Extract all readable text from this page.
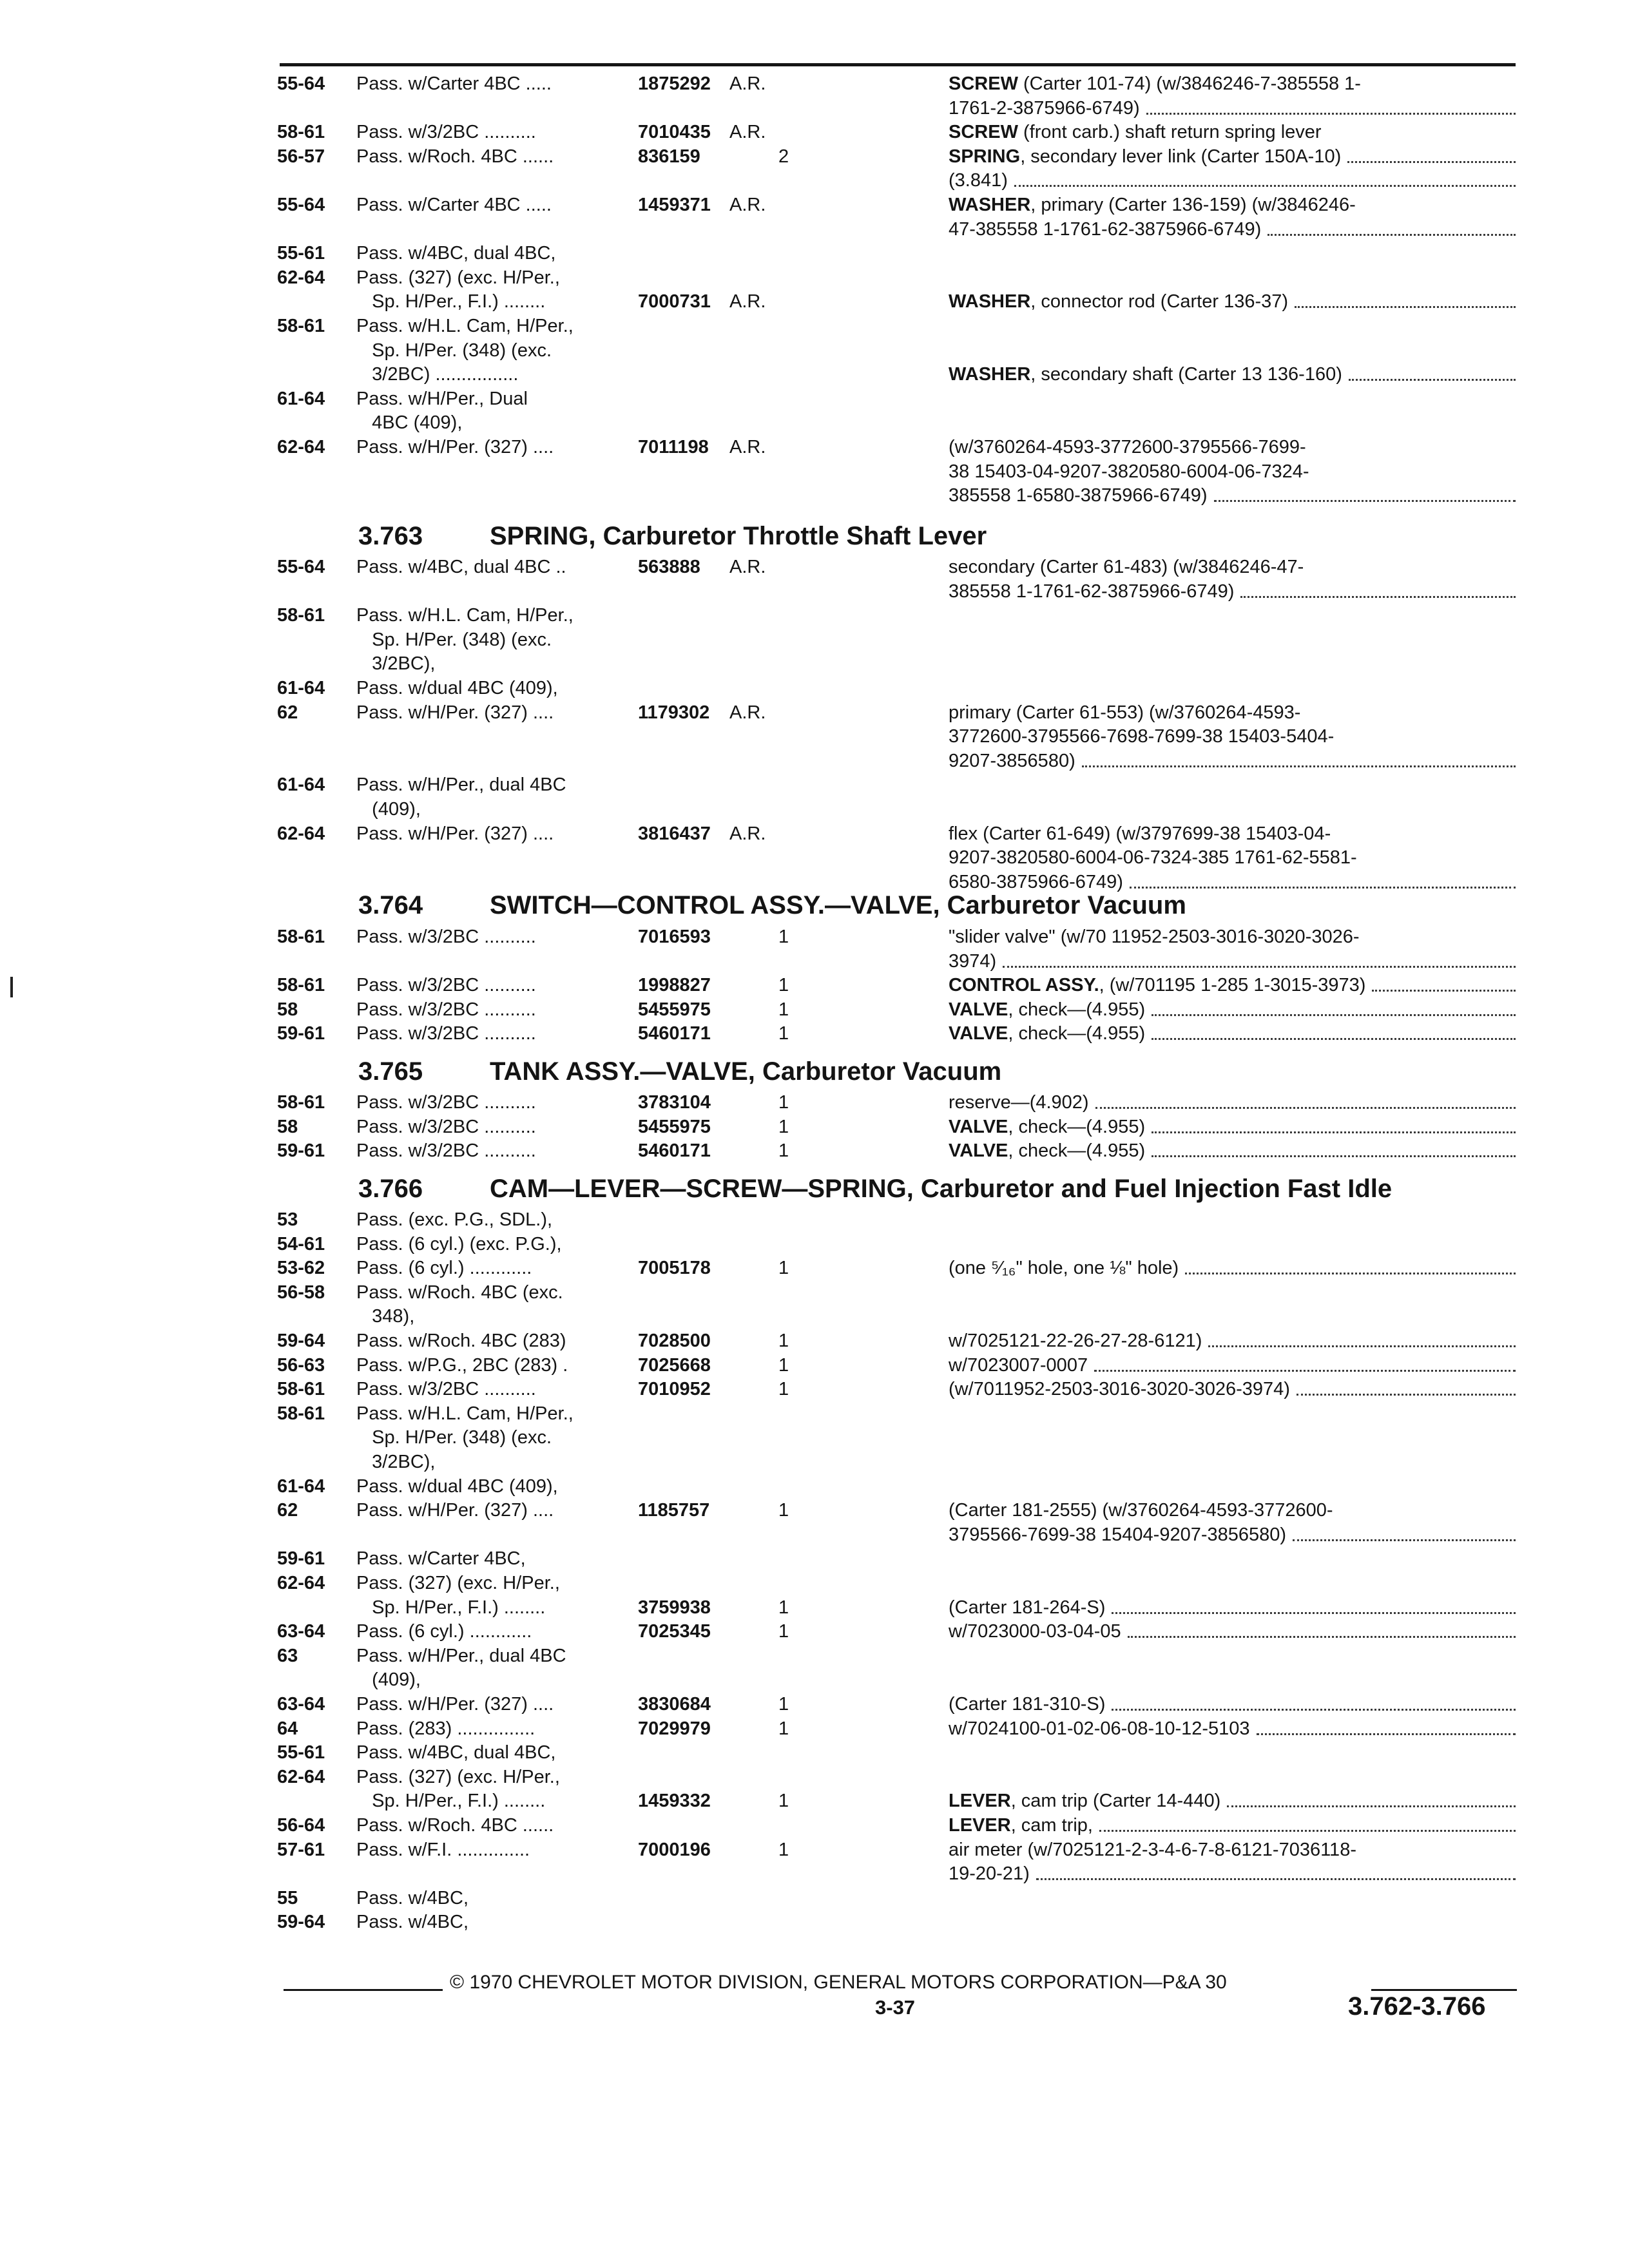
55-64 Pass. w/Carter 4BC .....	1875292 A.R.	SCREW (Carter 101-74) (w/3846246-7-385558 1-
1761-2-3875966-6749)
58-61 Pass. w/3/2BC ..........	7010435 A.R.	SCREW (front carb.) shaft return spring lever
56-57 Pass. w/Roch. 4BC ......	836159	2	SPRING, secondary lever link (Carter 150A-10)
(3.841)
55-64 Pass. w/Carter 4BC .....	1459371 A.R.	WASHER, primary (Carter 136-159) (w/3846246-
47-385558 1-1761-62-3875966-6749)
55-61 Pass. w/4BC, dual 4BC,
62-64 Pass. (327) (exc. H/Per.,
Sp. H/Per., F.I.) ........	7000731 A.R.	WASHER, connector rod (Carter 136-37)
58-61 Pass. w/H.L. Cam, H/Per.,
Sp. H/Per. (348) (exc.
3/2BC) ................	WASHER, secondary shaft (Carter 13 136-160)
61-64 Pass. w/H/Per., Dual
4BC (409),
62-64 Pass. w/H/Per. (327) ....	7011198 A.R.	(w/3760264-4593-3772600-3795566-7699-
38 15403-04-9207-3820580-6004-06-7324-
385558 1-6580-3875966-6749)
3.763	SPRING, Carburetor Throttle Shaft Lever
55-64 Pass. w/4BC, dual 4BC ..	563888 A.R.	secondary (Carter 61-483) (w/3846246-47-
385558 1-1761-62-3875966-6749)
58-61 Pass. w/H.L. Cam, H/Per.,
Sp. H/Per. (348) (exc.
3/2BC),
61-64 Pass. w/dual 4BC (409),
62	Pass. w/H/Per. (327) ....	1179302 A.R.	primary (Carter 61-553) (w/3760264-4593-
3772600-3795566-7698-7699-38 15403-5404-
9207-3856580)
61-64 Pass. w/H/Per., dual 4BC
(409),
62-64 Pass. w/H/Per. (327) ....	3816437 A.R.	flex (Carter 61-649) (w/3797699-38 15403-04-
9207-3820580-6004-06-7324-385 1761-62-5581-
6580-3875966-6749)
3.764	SWITCH—CONTROL ASSY.—VALVE, Carburetor Vacuum
58-61 Pass. w/3/2BC ..........	7016593	1	"slider valve" (w/70 11952-2503-3016-3020-3026-
3974)
58-61 Pass. w/3/2BC ..........	1998827	1	CONTROL ASSY., (w/701195 1-285 1-3015-3973)
58	Pass. w/3/2BC ..........	5455975	1	VALVE, check—(4.955)
59-61 Pass. w/3/2BC ..........	5460171	1	VALVE, check—(4.955)
3.765	TANK ASSY.—VALVE, Carburetor Vacuum
58-61 Pass. w/3/2BC ..........	3783104	1	reserve—(4.902)
58	Pass. w/3/2BC ..........	5455975	1	VALVE, check—(4.955)
59-61 Pass. w/3/2BC ..........	5460171	1	VALVE, check—(4.955)
3.766	CAM—LEVER—SCREW—SPRING, Carburetor and Fuel Injection Fast Idle
53	Pass. (exc. P.G., SDL.),
54-61 Pass. (6 cyl.) (exc. P.G.),
53-62 Pass. (6 cyl.) ............	7005178	1	(one ⁵⁄₁₆" hole, one ⅛" hole)
56-58 Pass. w/Roch. 4BC (exc.
348),
59-64 Pass. w/Roch. 4BC (283)	7028500	1	w/7025121-22-26-27-28-6121)
56-63 Pass. w/P.G., 2BC (283) .	7025668	1	w/7023007-0007
58-61 Pass. w/3/2BC ..........	7010952	1	(w/7011952-2503-3016-3020-3026-3974)
58-61 Pass. w/H.L. Cam, H/Per.,
Sp. H/Per. (348) (exc.
3/2BC),
61-64 Pass. w/dual 4BC (409),
62	Pass. w/H/Per. (327) ....	1185757	1	(Carter 181-2555) (w/3760264-4593-3772600-
3795566-7699-38 15404-9207-3856580)
59-61 Pass. w/Carter 4BC,
62-64 Pass. (327) (exc. H/Per.,
Sp. H/Per., F.I.) ........	3759938	1	(Carter 181-264-S)
63-64 Pass. (6 cyl.) ............	7025345	1	w/7023000-03-04-05
63	Pass. w/H/Per., dual 4BC
(409),
63-64 Pass. w/H/Per. (327) ....	3830684	1	(Carter 181-310-S)
64	Pass. (283) ...............	7029979	1	w/7024100-01-02-06-08-10-12-5103
55-61 Pass. w/4BC, dual 4BC,
62-64 Pass. (327) (exc. H/Per.,
Sp. H/Per., F.I.) ........	1459332	1	LEVER, cam trip (Carter 14-440)
56-64 Pass. w/Roch. 4BC ......	LEVER, cam trip,
57-61 Pass. w/F.I. ..............	7000196	1	air meter (w/7025121-2-3-4-6-7-8-6121-7036118-
19-20-21)
55	Pass. w/4BC,
59-64 Pass. w/4BC,
© 1970 CHEVROLET MOTOR DIVISION, GENERAL MOTORS CORPORATION—P&A 30
3-37	3.762-3.766
